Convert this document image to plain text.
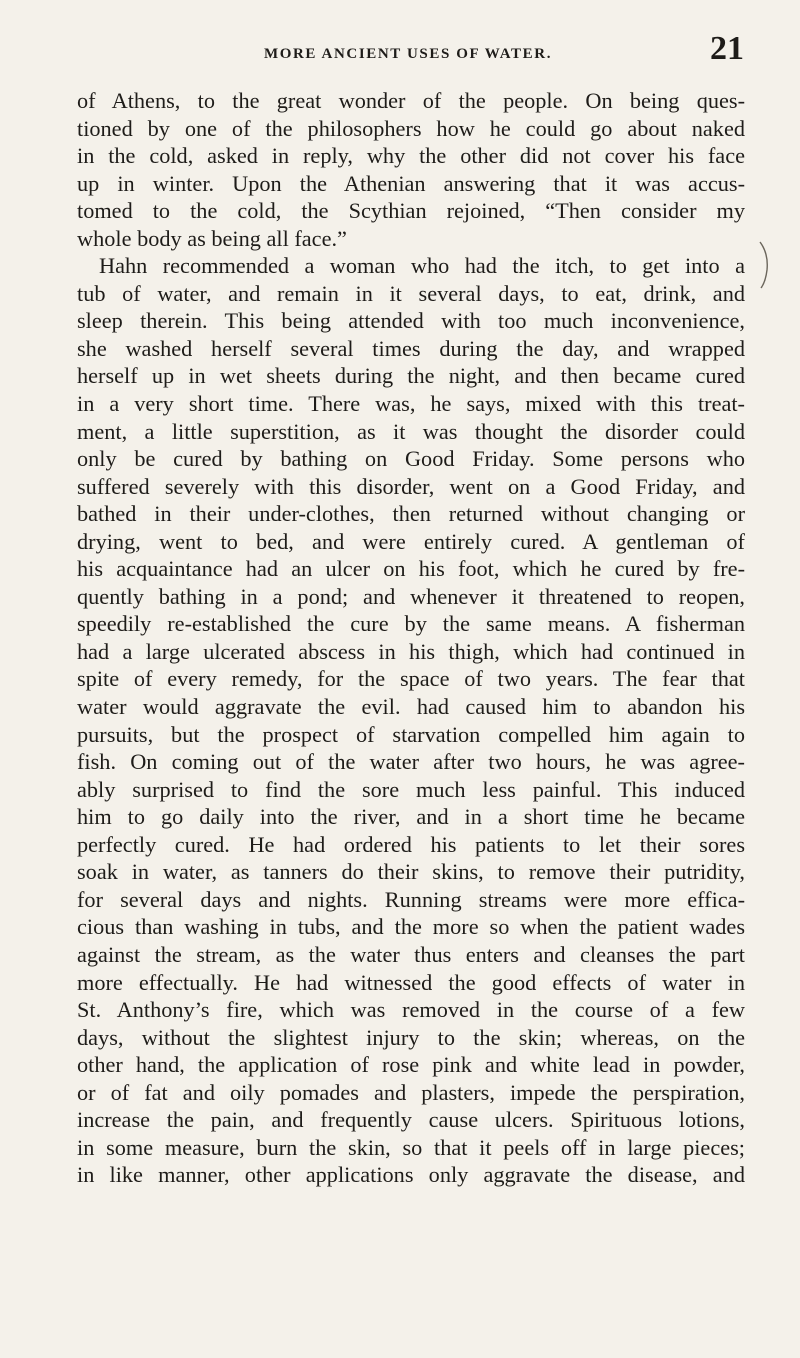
MORE ANCIENT USES OF WATER.	21
of Athens, to the great wonder of the people. On being ques-
tioned by one of the philosophers how he could go about naked
in the cold, asked in reply, why the other did not cover his face
up in winter. Upon the Athenian answering that it was accus-
tomed to the cold, the Scythian rejoined, “Then consider my
whole body as being all face.”
Hahn recommended a woman who had the itch, to get into a
tub of water, and remain in it several days, to eat, drink, and
sleep therein. This being attended with too much inconvenience,
she washed herself several times during the day, and wrapped
herself up in wet sheets during the night, and then became cured
in a very short time. There was, he says, mixed with this treat-
ment, a little superstition, as it was thought the disorder could
only be cured by bathing on Good Friday. Some persons who
suffered severely with this disorder, went on a Good Friday, and
bathed in their under-clothes, then returned without changing or
drying, went to bed, and were entirely cured. A gentleman of
his acquaintance had an ulcer on his foot, which he cured by fre-
quently bathing in a pond; and whenever it threatened to reopen,
speedily re-established the cure by the same means. A fisherman
had a large ulcerated abscess in his thigh, which had continued in
spite of every remedy, for the space of two years. The fear that
water would aggravate the evil. had caused him to abandon his
pursuits, but the prospect of starvation compelled him again to
fish. On coming out of the water after two hours, he was agree-
ably surprised to find the sore much less painful. This induced
him to go daily into the river, and in a short time he became
perfectly cured. He had ordered his patients to let their sores
soak in water, as tanners do their skins, to remove their putridity,
for several days and nights. Running streams were more effica-
cious than washing in tubs, and the more so when the patient wades
against the stream, as the water thus enters and cleanses the part
more effectually. He had witnessed the good effects of water in
St. Anthony’s fire, which was removed in the course of a few
days, without the slightest injury to the skin; whereas, on the
other hand, the application of rose pink and white lead in powder,
or of fat and oily pomades and plasters, impede the perspiration,
increase the pain, and frequently cause ulcers. Spirituous lotions,
in some measure, burn the skin, so that it peels off in large pieces;
in like manner, other applications only aggravate the disease, and
